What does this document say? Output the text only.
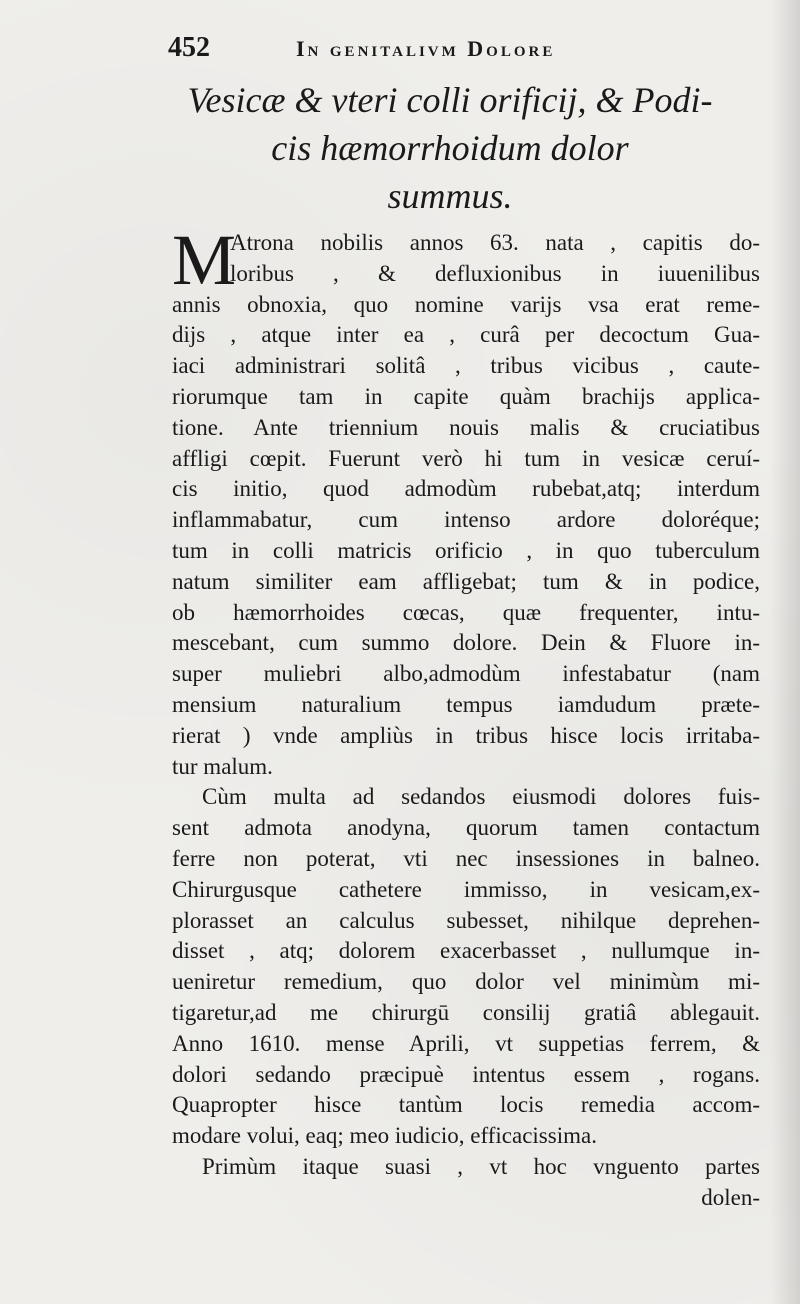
452	In genitalivm Dolore
Vesicæ & vteri colli orificij, & Podi-
cis hæmorrhoidum dolor
summus.
M
Atrona nobilis annos 63. nata , capitis do-
loribus , & defluxionibus in iuuenilibus
annis obnoxia, quo nomine varijs vsa erat reme-
dijs , atque inter ea , curâ per decoctum Gua-
iaci administrari solitâ , tribus vicibus , caute-
riorumque tam in capite quàm brachijs applica-
tione. Ante triennium nouis malis & cruciatibus
affligi cœpit. Fuerunt verò hi tum in vesicæ ceruí-
cis initio, quod admodùm rubebat,atq; interdum
inflammabatur, cum intenso ardore doloréque;
tum in colli matricis orificio , in quo tuberculum
natum similiter eam affligebat; tum & in podice,
ob hæmorrhoides cœcas, quæ frequenter, intu-
mescebant, cum summo dolore. Dein & Fluore in-
super muliebri albo,admodùm infestabatur (nam
mensium naturalium tempus iamdudum præte-
rierat ) vnde ampliùs in tribus hisce locis irritaba-
tur malum.
Cùm multa ad sedandos eiusmodi dolores fuis-
sent admota anodyna, quorum tamen contactum
ferre non poterat, vti nec insessiones in balneo.
Chirurgusque cathetere immisso, in vesicam,ex-
plorasset an calculus subesset, nihilque deprehen-
disset , atq; dolorem exacerbasset , nullumque in-
ueniretur remedium, quo dolor vel minimùm mi-
tigaretur,ad me chirurgū consilij gratiâ ablegauit.
Anno 1610. mense Aprili, vt suppetias ferrem, &
dolori sedando præcipuè intentus essem , rogans.
Quapropter hisce tantùm locis remedia accom-
modare volui, eaq; meo iudicio, efficacissima.
Primùm itaque suasi , vt hoc vnguento partes
dolen-
